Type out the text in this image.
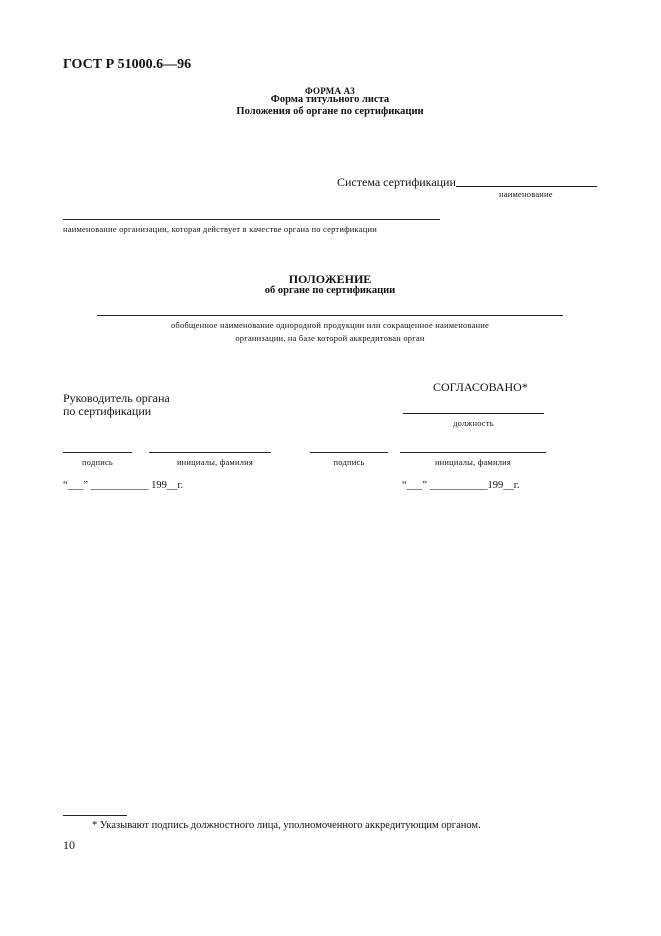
ГОСТ Р 51000.6—96
ФОРМА А3
Форма титульного листа
Положения об органе по сертификации
Система сертификации
наименование
наименование организации, которая действует в качестве органа по сертификации
ПОЛОЖЕНИЕ
об органе по сертификации
обобщенное наименование однородной продукции или сокращенное наименование
организации, на базе которой аккредитован орган
СОГЛАСОВАНО*
Руководитель органа
по сертификации
должность
подпись	инициалы, фамилия	подпись	инициалы, фамилия
“___” ___________ 199__г.	“___” ___________199__г.
* Указывают подпись должностного лица, уполномоченного аккредитующим органом.
10
